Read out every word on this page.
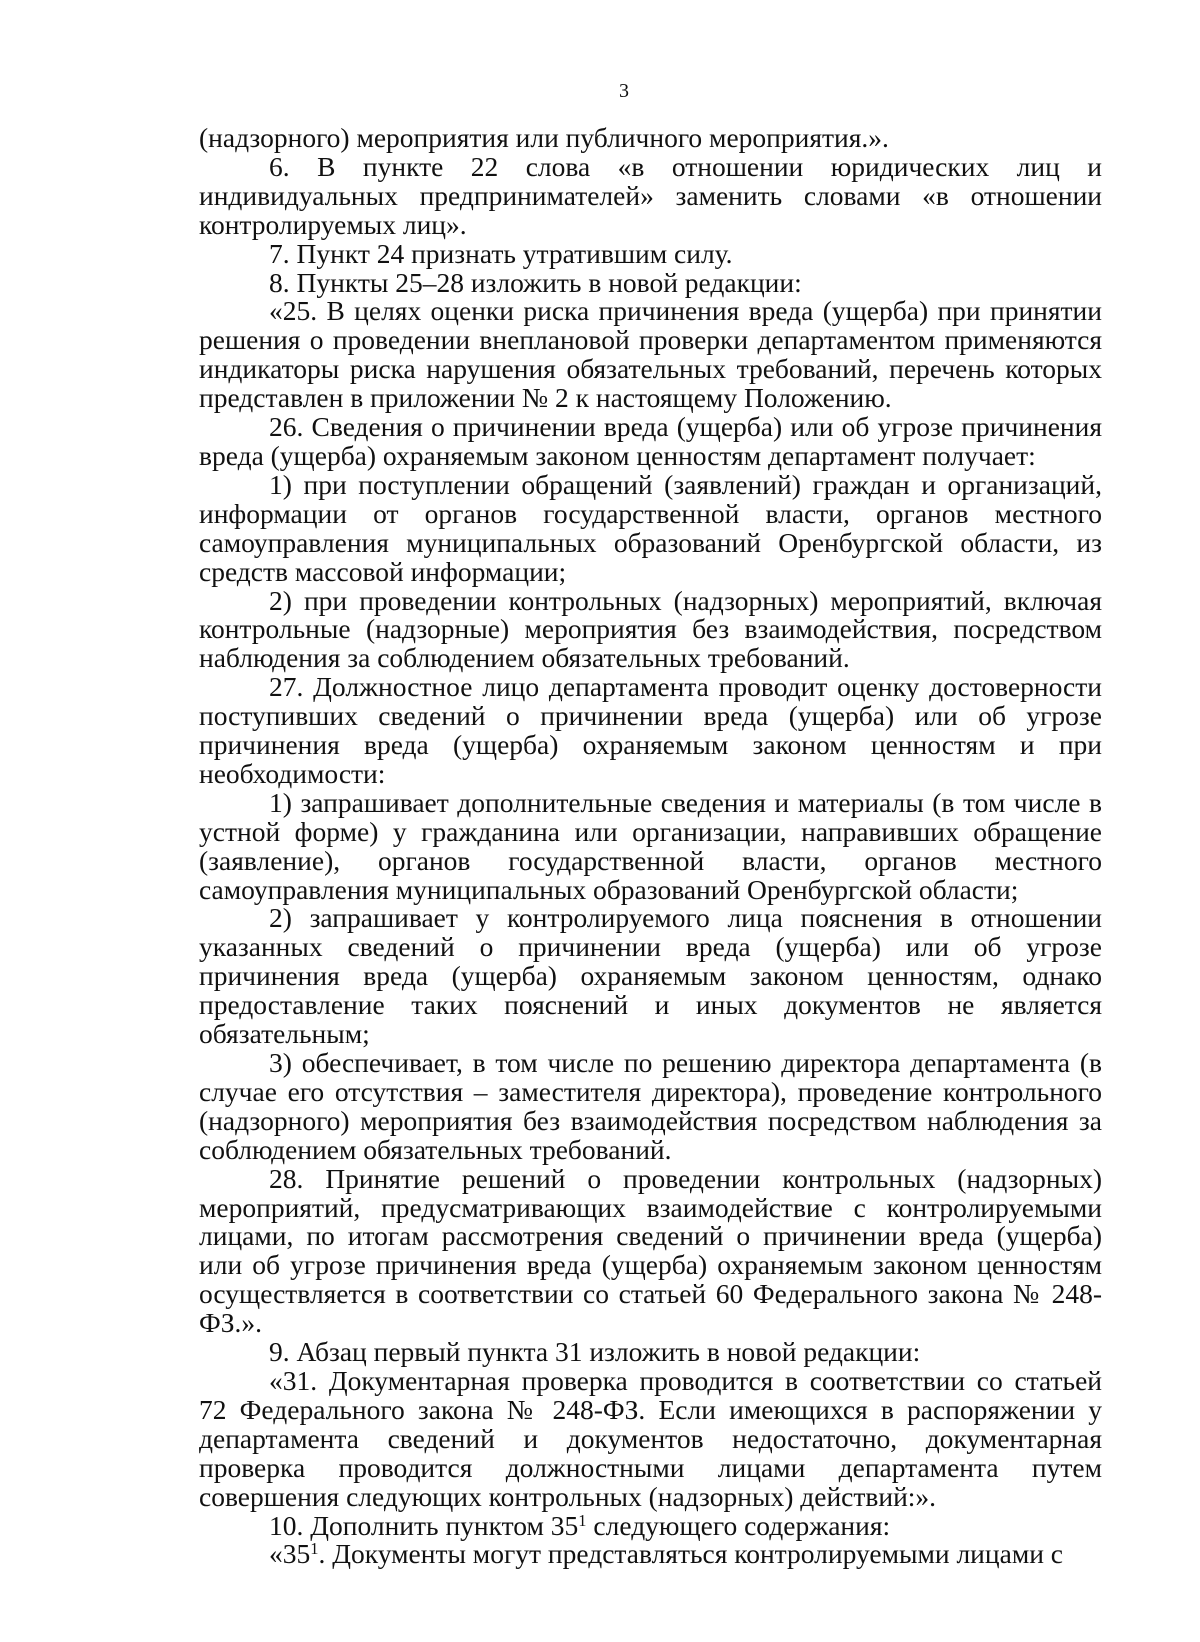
3

(надзорного) мероприятия или публичного мероприятия.».

6. В пункте 22 слова «в отношении юридических лиц и индивидуальных предпринимателей» заменить словами «в отношении контролируемых лиц».

7. Пункт 24 признать утратившим силу.

8. Пункты 25–28 изложить в новой редакции:

«25. В целях оценки риска причинения вреда (ущерба) при принятии решения о проведении внеплановой проверки департаментом применяются индикаторы риска нарушения обязательных требований, перечень которых представлен в приложении № 2 к настоящему Положению.

26. Сведения о причинении вреда (ущерба) или об угрозе причинения вреда (ущерба) охраняемым законом ценностям департамент получает:

1) при поступлении обращений (заявлений) граждан и организаций, информации от органов государственной власти, органов местного самоуправления муниципальных образований Оренбургской области, из средств массовой информации;

2) при проведении контрольных (надзорных) мероприятий, включая контрольные (надзорные) мероприятия без взаимодействия, посредством наблюдения за соблюдением обязательных требований.

27. Должностное лицо департамента проводит оценку достоверности поступивших сведений о причинении вреда (ущерба) или об угрозе причинения вреда (ущерба) охраняемым законом ценностям и при необходимости:

1) запрашивает дополнительные сведения и материалы (в том числе в устной форме) у гражданина или организации, направивших обращение (заявление), органов государственной власти, органов местного самоуправления муниципальных образований Оренбургской области;

2) запрашивает у контролируемого лица пояснения в отношении указанных сведений о причинении вреда (ущерба) или об угрозе причинения вреда (ущерба) охраняемым законом ценностям, однако предоставление таких пояснений и иных документов не является обязательным;

3) обеспечивает, в том числе по решению директора департамента (в случае его отсутствия – заместителя директора), проведение контрольного (надзорного) мероприятия без взаимодействия посредством наблюдения за соблюдением обязательных требований.

28. Принятие решений о проведении контрольных (надзорных) мероприятий, предусматривающих взаимодействие с контролируемыми лицами, по итогам рассмотрения сведений о причинении вреда (ущерба) или об угрозе причинения вреда (ущерба) охраняемым законом ценностям осуществляется в соответствии со статьей 60 Федерального закона № 248-ФЗ.».

9. Абзац первый пункта 31 изложить в новой редакции:

«31. Документарная проверка проводится в соответствии со статьей 72 Федерального закона № 248-ФЗ. Если имеющихся в распоряжении у департамента сведений и документов недостаточно, документарная проверка проводится должностными лицами департамента путем совершения следующих контрольных (надзорных) действий:».

10. Дополнить пунктом $35^1$ следующего содержания:

«$35^1$. Документы могут представляться контролируемыми лицами с
